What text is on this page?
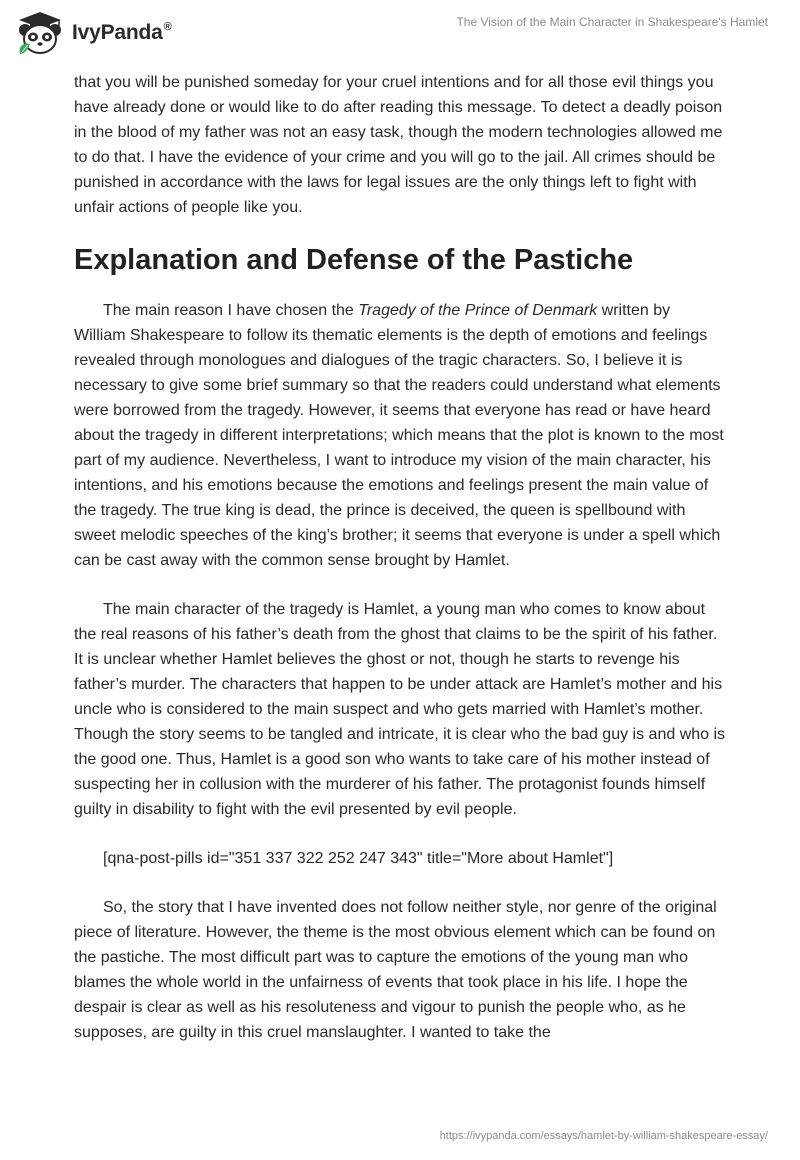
IvyPanda®	The Vision of the Main Character in Shakespeare's Hamlet

that you will be punished someday for your cruel intentions and for all those evil things you have already done or would like to do after reading this message. To detect a deadly poison in the blood of my father was not an easy task, though the modern technologies allowed me to do that. I have the evidence of your crime and you will go to the jail. All crimes should be punished in accordance with the laws for legal issues are the only things left to fight with unfair actions of people like you.

Explanation and Defense of the Pastiche

The main reason I have chosen the Tragedy of the Prince of Denmark written by William Shakespeare to follow its thematic elements is the depth of emotions and feelings revealed through monologues and dialogues of the tragic characters. So, I believe it is necessary to give some brief summary so that the readers could understand what elements were borrowed from the tragedy. However, it seems that everyone has read or have heard about the tragedy in different interpretations; which means that the plot is known to the most part of my audience. Nevertheless, I want to introduce my vision of the main character, his intentions, and his emotions because the emotions and feelings present the main value of the tragedy. The true king is dead, the prince is deceived, the queen is spellbound with sweet melodic speeches of the king’s brother; it seems that everyone is under a spell which can be cast away with the common sense brought by Hamlet.

The main character of the tragedy is Hamlet, a young man who comes to know about the real reasons of his father’s death from the ghost that claims to be the spirit of his father. It is unclear whether Hamlet believes the ghost or not, though he starts to revenge his father’s murder. The characters that happen to be under attack are Hamlet’s mother and his uncle who is considered to the main suspect and who gets married with Hamlet’s mother. Though the story seems to be tangled and intricate, it is clear who the bad guy is and who is the good one. Thus, Hamlet is a good son who wants to take care of his mother instead of suspecting her in collusion with the murderer of his father. The protagonist founds himself guilty in disability to fight with the evil presented by evil people.

[qna-post-pills id="351 337 322 252 247 343" title="More about Hamlet"]

So, the story that I have invented does not follow neither style, nor genre of the original piece of literature. However, the theme is the most obvious element which can be found on the pastiche. The most difficult part was to capture the emotions of the young man who blames the whole world in the unfairness of events that took place in his life. I hope the despair is clear as well as his resoluteness and vigour to punish the people who, as he supposes, are guilty in this cruel manslaughter. I wanted to take the

https://ivypanda.com/essays/hamlet-by-william-shakespeare-essay/
